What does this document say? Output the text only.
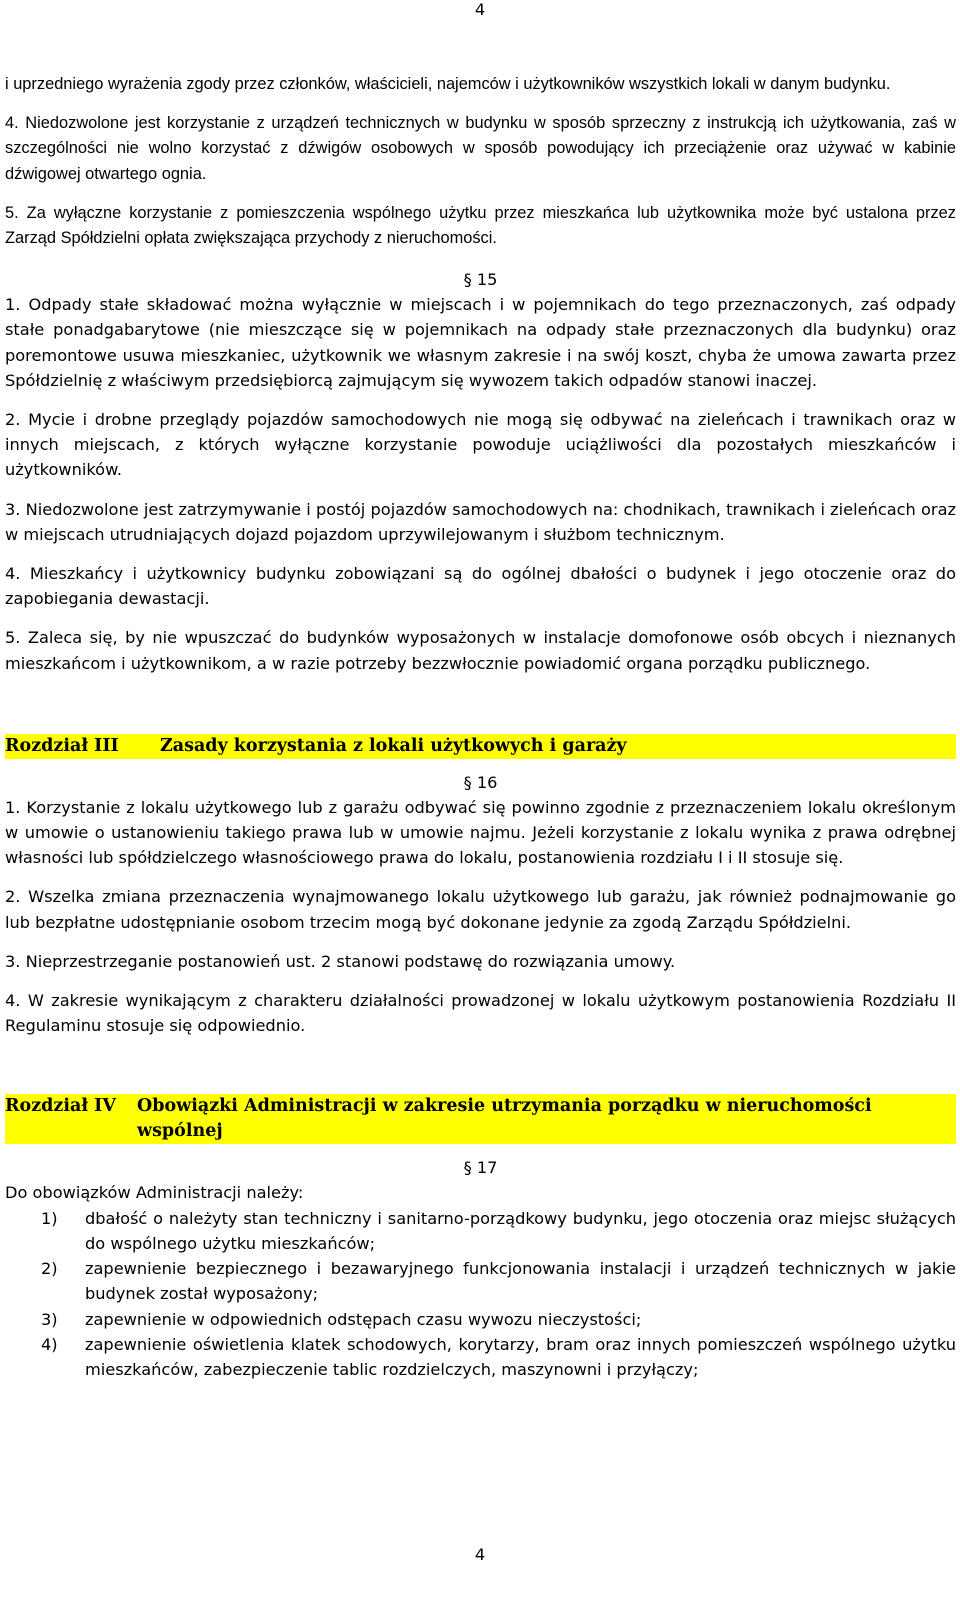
4

i uprzedniego wyrażenia zgody przez członków, właścicieli, najemców i użytkowników wszystkich lokali w danym budynku.

4. Niedozwolone jest korzystanie z urządzeń technicznych w budynku w sposób sprzeczny z instrukcją ich użytkowania, zaś w szczególności nie wolno korzystać z dźwigów osobowych w sposób powodujący ich przeciążenie oraz używać w kabinie dźwigowej otwartego ognia.

5. Za wyłączne korzystanie z pomieszczenia wspólnego użytku przez mieszkańca lub użytkownika może być ustalona przez Zarząd Spółdzielni opłata zwiększająca przychody z nieruchomości.

§ 15

1. Odpady stałe składować można wyłącznie w miejscach i w pojemnikach do tego przeznaczonych, zaś odpady stałe ponadgabarytowe (nie mieszczące się w pojemnikach na odpady stałe przeznaczonych dla budynku) oraz poremontowe usuwa mieszkaniec, użytkownik we własnym zakresie i na swój koszt, chyba że umowa zawarta przez Spółdzielnię z właściwym przedsiębiorcą zajmującym się wywozem takich odpadów stanowi inaczej.

2. Mycie i drobne przeglądy pojazdów samochodowych nie mogą się odbywać na zieleńcach i trawnikach oraz w innych miejscach, z których wyłączne korzystanie powoduje uciążliwości dla pozostałych mieszkańców i użytkowników.

3. Niedozwolone jest zatrzymywanie i postój pojazdów samochodowych na: chodnikach, trawnikach i zieleńcach oraz w miejscach utrudniających dojazd pojazdom uprzywilejowanym i służbom technicznym.

4. Mieszkańcy i użytkownicy budynku zobowiązani są do ogólnej dbałości o budynek i jego otoczenie oraz do zapobiegania dewastacji.

5. Zaleca się, by nie wpuszczać do budynków wyposażonych w instalacje domofonowe osób obcych i nieznanych mieszkańcom i użytkownikom, a w razie potrzeby bezzwłocznie powiadomić organa porządku publicznego.

Rozdział III	Zasady korzystania z lokali użytkowych i garaży
§ 16

1. Korzystanie z lokalu użytkowego lub z garażu odbywać się powinno zgodnie z przeznaczeniem lokalu określonym w umowie o ustanowieniu takiego prawa lub w umowie najmu. Jeżeli korzystanie z lokalu wynika z prawa odrębnej własności lub spółdzielczego własnościowego prawa do lokalu, postanowienia rozdziału I i II stosuje się.

2. Wszelka zmiana przeznaczenia wynajmowanego lokalu użytkowego lub garażu, jak również podnajmowanie go lub bezpłatne udostępnianie osobom trzecim mogą być dokonane jedynie za zgodą Zarządu Spółdzielni.

3. Nieprzestrzeganie postanowień ust. 2 stanowi podstawę do rozwiązania umowy.

4. W zakresie wynikającym z charakteru działalności prowadzonej w lokalu użytkowym postanowienia Rozdziału II Regulaminu stosuje się odpowiednio.

Rozdział IV	Obowiązki Administracji w zakresie utrzymania porządku w nieruchomości wspólnej
§ 17

Do obowiązków Administracji należy:

1)	dbałość o należyty stan techniczny i sanitarno-porządkowy budynku, jego otoczenia oraz miejsc służących do wspólnego użytku mieszkańców;
2)	zapewnienie bezpiecznego i bezawaryjnego funkcjonowania instalacji i urządzeń technicznych w jakie budynek został wyposażony;
3)	zapewnienie w odpowiednich odstępach czasu wywozu nieczystości;
4)	zapewnienie oświetlenia klatek schodowych, korytarzy, bram oraz innych pomieszczeń wspólnego użytku mieszkańców, zabezpieczenie tablic rozdzielczych, maszynowni i przyłączy;
4
